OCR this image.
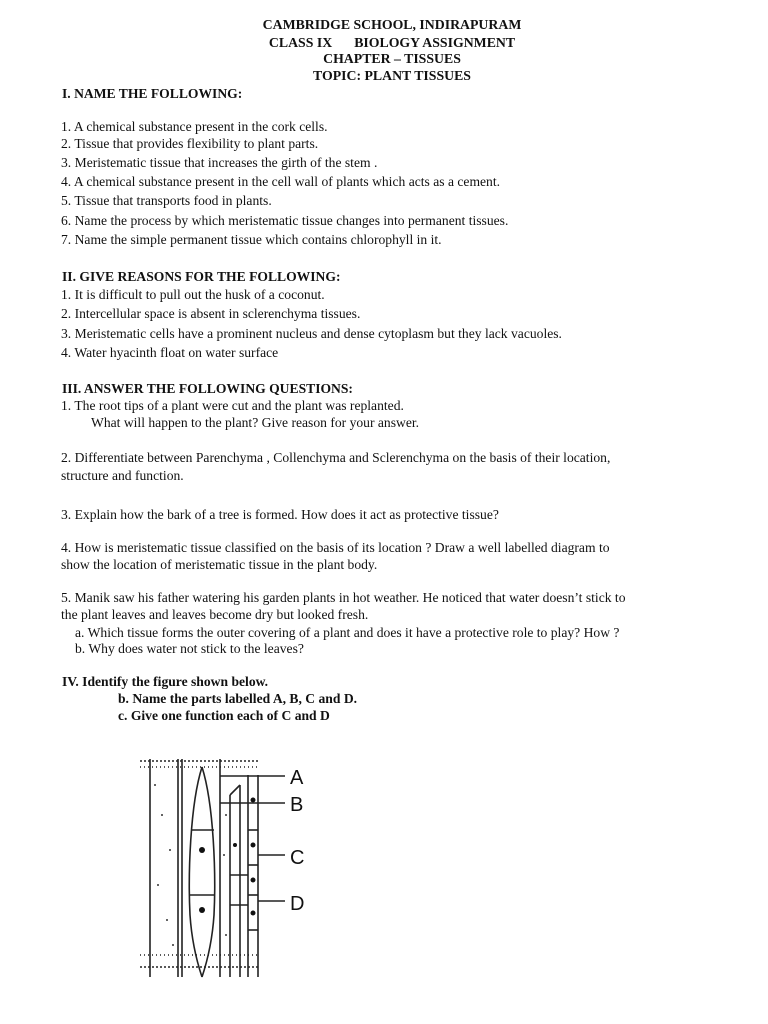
CAMBRIDGE SCHOOL, INDIRAPURAM
CLASS IX BIOLOGY ASSIGNMENT
CHAPTER – TISSUES
TOPIC: PLANT TISSUES
I. NAME THE FOLLOWING:
1. A chemical substance present in the cork cells.
2. Tissue that provides flexibility to plant parts.
3. Meristematic tissue that increases the girth of the stem .
4. A chemical substance present in the cell wall of plants which acts as a cement.
5. Tissue that transports food in plants.
6. Name the process by which meristematic tissue changes into permanent tissues.
7. Name the simple permanent tissue which contains chlorophyll in it.
II. GIVE REASONS FOR THE FOLLOWING:
1. It is difficult to pull out the husk of a coconut.
2. Intercellular space is absent in sclerenchyma tissues.
3. Meristematic cells have a prominent nucleus and dense cytoplasm but they lack vacuoles.
4. Water hyacinth float on water surface
III. ANSWER THE FOLLOWING QUESTIONS:
1. The root tips of a plant were cut and the plant was replanted.
What will happen to the plant? Give reason for your answer.
2. Differentiate between Parenchyma , Collenchyma and Sclerenchyma on the basis of their location,
structure and function.
3. Explain how the bark of a tree is formed. How does it act as protective tissue?
4. How is meristematic tissue classified on the basis of its location ? Draw a well labelled diagram to
show the location of meristematic tissue in the plant body.
5. Manik saw his father watering his garden plants in hot weather. He noticed that water doesn’t stick to
the plant leaves and leaves become dry but looked fresh.
a. Which tissue forms the outer covering of a plant and does it have a protective role to play? How ?
b. Why does water not stick to the leaves?
IV. Identify the figure shown below.
b. Name the parts labelled A, B, C and D.
c. Give one function each of C and D
A
B
C
D
